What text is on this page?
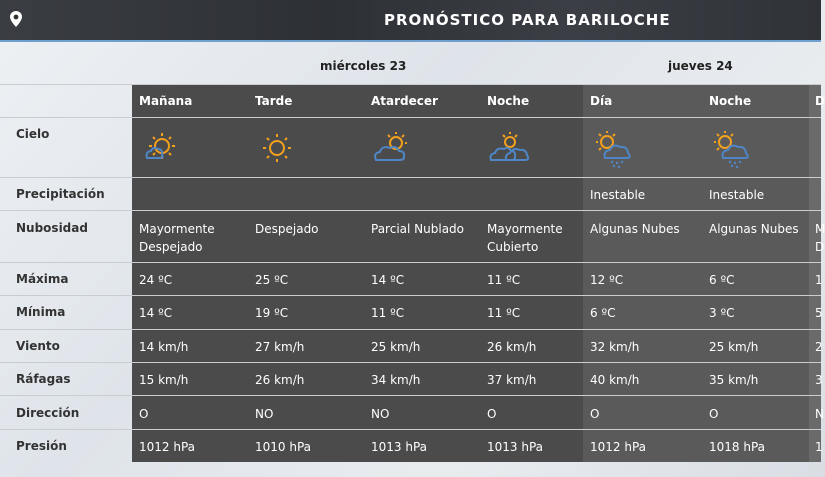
PRONÓSTICO PARA BARILOCHE
miércoles 23	jueves 24
Cielo
Precipitación
Nubosidad
Máxima
Mínima
Viento
Ráfagas
Dirección
Presión
Mañana
Mayormente Despejado
24 ºC
14 ºC
14 km/h
15 km/h
O
1012 hPa
Tarde
Despejado
25 ºC
19 ºC
27 km/h
26 km/h
NO
1010 hPa
Atardecer
Parcial Nublado
14 ºC
11 ºC
25 km/h
34 km/h
NO
1013 hPa
Noche
Mayormente Cubierto
11 ºC
11 ºC
26 km/h
37 km/h
O
1013 hPa
Día
Inestable
Algunas Nubes
12 ºC
6 ºC
32 km/h
40 km/h
O
1012 hPa
Noche
Inestable
Algunas Nubes
6 ºC
3 ºC
25 km/h
35 km/h
O
1018 hPa
D
M D
1
5
2
3
N
1
